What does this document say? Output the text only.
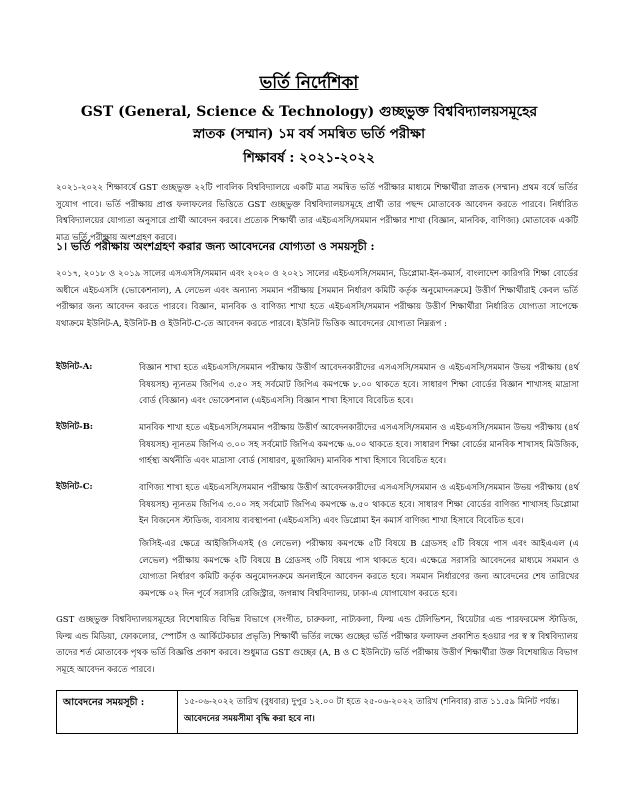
ভর্তি নির্দেশিকা
GST (General, Science & Technology) গুচ্ছভুক্ত বিশ্ববিদ্যালয়সমূহের
স্নাতক (সম্মান) ১ম বর্ষ সমন্বিত ভর্তি পরীক্ষা
শিক্ষাবর্ষ : ২০২১-২০২২

২০২১-২০২২ শিক্ষাবর্ষে GST গুচ্ছভুক্ত ২২টি পাবলিক বিশ্ববিদ্যালয়ে একটি মাত্র সমন্বিত ভর্তি পরীক্ষার মাধ্যমে শিক্ষার্থীরা স্নাতক (সম্মান) প্রথম বর্ষে ভর্তির সুযোগ পাবে। ভর্তি পরীক্ষায় প্রাপ্ত ফলাফলের ভিত্তিতে GST গুচ্ছভুক্ত বিশ্ববিদ্যালয়সমূহে প্রার্থী তার পছন্দ মোতাবেক আবেদন করতে পারবে। নির্ধারিত বিশ্ববিদ্যালয়ের যোগ্যতা অনুসারে প্রার্থী আবেদন করবে। প্রত্যেক শিক্ষার্থী তার এইচএসসি/সমমান পরীক্ষার শাখা (বিজ্ঞান, মানবিক, বাণিজ্য) মোতাবেক একটি মাত্র ভর্তি পরীক্ষায় অংশগ্রহণ করবে।

১। ভর্তি পরীক্ষায় অংশগ্রহণ করার জন্য আবেদনের যোগ্যতা ও সময়সূচী :

২০১৭, ২০১৮ ও ২০১৯ সালের এসএসসি/সমমান এবং ২০২০ ও ২০২১ সালের এইচএসসি/সমমান, ডিপ্লোমা-ইন-কমার্স, বাংলাদেশ কারিগরি শিক্ষা বোর্ডের অধীনে এইচএসসি (ভোকেশনাল), A লেভেল এবং অন্যান্য সমমান পরীক্ষায় [সমমান নির্ধারণ কমিটি কর্তৃক অনুমোদনক্রমে] উত্তীর্ণ শিক্ষার্থীরাই কেবল ভর্তি পরীক্ষার জন্য আবেদন করতে পারবে। বিজ্ঞান, মানবিক ও বাণিজ্য শাখা হতে এইচএসসি/সমমান পরীক্ষায় উত্তীর্ণ শিক্ষার্থীরা নির্ধারিত যোগ্যতা সাপেক্ষে যথাক্রমে ইউনিট-A, ইউনিট-B ও ইউনিট-C-তে আবেদন করতে পারবে। ইউনিট ভিত্তিক আবেদনের যোগ্যতা নিম্নরূপ :

ইউনিট-A:	বিজ্ঞান শাখা হতে এইচএসসি/সমমান পরীক্ষায় উত্তীর্ণ আবেদনকারীদের এসএসসি/সমমান ও এইচএসসি/সমমান উভয় পরীক্ষায় (৪র্থ বিষয়সহ) ন্যূনতম জিপিএ ৩.৫০ সহ সর্বমোট জিপিএ কমপক্ষে ৮.০০ থাকতে হবে। সাধারণ শিক্ষা বোর্ডের বিজ্ঞান শাখাসহ মাদ্রাসা বোর্ড (বিজ্ঞান) এবং ভোকেশনাল (এইচএসসি) বিজ্ঞান শাখা হিসাবে বিবেচিত হবে।

ইউনিট-B:	মানবিক শাখা হতে এইচএসসি/সমমান পরীক্ষায় উত্তীর্ণ আবেদনকারীদের এসএসসি/সমমান ও এইচএসসি/সমমান উভয় পরীক্ষায় (৪র্থ বিষয়সহ) ন্যূনতম জিপিএ ৩.০০ সহ সর্বমোট জিপিএ কমপক্ষে ৬.০০ থাকতে হবে। সাধারণ শিক্ষা বোর্ডের মানবিক শাখাসহ মিউজিক, গার্হস্থ্য অর্থনীতি এবং মাদ্রাসা বোর্ড (সাধারণ, মুজাব্বিদ) মানবিক শাখা হিসাবে বিবেচিত হবে।

ইউনিট-C:	বাণিজ্য শাখা হতে এইচএসসি/সমমান পরীক্ষায় উত্তীর্ণ আবেদনকারীদের এসএসসি/সমমান ও এইচএসসি/সমমান উভয় পরীক্ষায় (৪র্থ বিষয়সহ) ন্যূনতম জিপিএ ৩.০০ সহ সর্বমোট জিপিএ কমপক্ষে ৬.৫০ থাকতে হবে। সাধারণ শিক্ষা বোর্ডের বাণিজ্য শাখাসহ ডিপ্লোমা ইন বিজনেস স্টাডিজ, ব্যবসায় ব্যবস্থাপনা (এইচএসসি) এবং ডিপ্লোমা ইন কমার্স বাণিজ্য শাখা হিসাবে বিবেচিত হবে।

জিসিই-এর ক্ষেত্রে আইজিসিএসই (ও লেভেল) পরীক্ষায় কমপক্ষে ৫টি বিষয়ে B গ্রেডসহ ৫টি বিষয়ে পাস এবং আইএএল (এ লেভেল) পরীক্ষায় কমপক্ষে ২টি বিষয়ে B গ্রেডসহ ৩টি বিষয়ে পাস থাকতে হবে। এক্ষেত্রে সরাসরি আবেদনের মাধ্যমে সমমান ও যোগ্যতা নির্ধারণ কমিটি কর্তৃক অনুমোদনক্রমে অনলাইনে আবেদন করতে হবে। সমমান নির্ধারণের জন্য আবেদনের শেষ তারিখের কমপক্ষে ০২ দিন পূর্বে সরাসরি রেজিস্ট্রার, জগন্নাথ বিশ্ববিদ্যালয়, ঢাকা-এ যোগাযোগ করতে হবে।

GST গুচ্ছভুক্ত বিশ্ববিদ্যালয়সমূহের বিশেষায়িত বিভিন্ন বিভাগে (সংগীত, চারুকলা, নাট্যকলা, ফিল্ম এন্ড টেলিভিশন, থিয়েটার এন্ড পারফরমেন্স স্টাডিজ, ফিল্ম এন্ড মিডিয়া, ফোকলোর, স্পোর্টস ও আর্কিটেকচার প্রভৃতি) শিক্ষার্থী ভর্তির লক্ষ্যে গুচ্ছের ভর্তি পরীক্ষার ফলাফল প্রকাশিত হওয়ার পর স্ব স্ব বিশ্ববিদ্যালয় তাদের শর্ত মোতাবেক পৃথক ভর্তি বিজ্ঞপ্তি প্রকাশ করবে। শুধুমাত্র GST গুচ্ছের (A, B ও C ইউনিটে) ভর্তি পরীক্ষায় উত্তীর্ণ শিক্ষার্থীরা উক্ত বিশেষায়িত বিভাগ সমূহে আবেদন করতে পারবে।

আবেদনের সময়সূচী :	১৫-০৬-২০২২ তারিখ (বুধবার) দুপুর ১২.০০ টা হতে ২৫-০৬-২০২২ তারিখ (শনিবার) রাত ১১.৫৯ মিনিট পর্যন্ত। আবেদনের সময়সীমা বৃদ্ধি করা হবে না।
